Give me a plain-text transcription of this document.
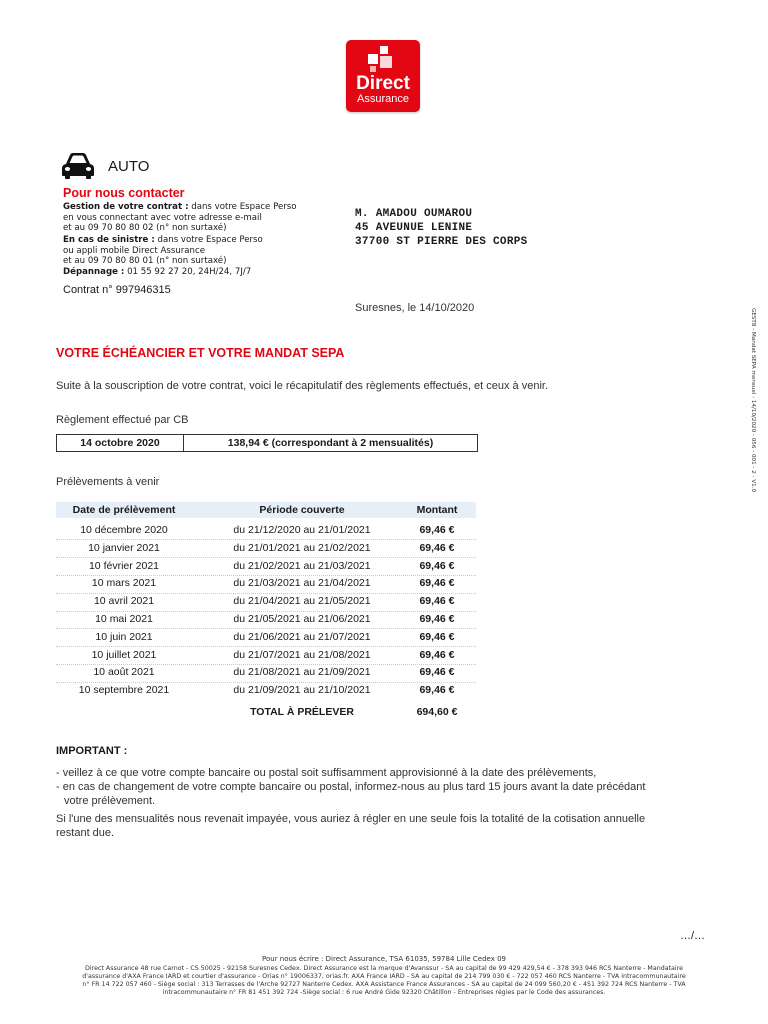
Direct
Assurance
AUTO
Pour nous contacter
Gestion de votre contrat : dans votre Espace Perso
en vous connectant avec votre adresse e-mail
et au 09 70 80 80 02 (n° non surtaxé)
En cas de sinistre : dans votre Espace Perso
ou appli mobile Direct Assurance
et au 09 70 80 80 01 (n° non surtaxé)
Dépannage : 01 55 92 27 20, 24H/24, 7J/7
Contrat n° 997946315
M. AMADOU OUMAROU
45 AVEUNUE LENINE
37700 ST PIERRE DES CORPS
Suresnes, le 14/10/2020	GEST8 - Mandat SEPA mensuel - 14/10/2020 - 056 - 001 - 2 - V1.0
VOTRE ÉCHÉANCIER ET VOTRE MANDAT SEPA
Suite à la souscription de votre contrat, voici le récapitulatif des règlements effectués, et ceux à venir.
Règlement effectué par CB
14 octobre 2020	138,94 € (correspondant à 2 mensualités)
Prélèvements à venir
Date de prélèvement	Période couverte	Montant
10 décembre 2020	du 21/12/2020 au 21/01/2021	69,46 €
10 janvier 2021	du 21/01/2021 au 21/02/2021	69,46 €
10 février 2021	du 21/02/2021 au 21/03/2021	69,46 €
10 mars 2021	du 21/03/2021 au 21/04/2021	69,46 €
10 avril 2021	du 21/04/2021 au 21/05/2021	69,46 €
10 mai 2021	du 21/05/2021 au 21/06/2021	69,46 €
10 juin 2021	du 21/06/2021 au 21/07/2021	69,46 €
10 juillet 2021	du 21/07/2021 au 21/08/2021	69,46 €
10 août 2021	du 21/08/2021 au 21/09/2021	69,46 €
10 septembre 2021	du 21/09/2021 au 21/10/2021	69,46 €
TOTAL À PRÉLEVER	694,60 €
IMPORTANT :
- veillez à ce que votre compte bancaire ou postal soit suffisamment approvisionné à la date des prélèvements,
- en cas de changement de votre compte bancaire ou postal, informez-nous au plus tard 15 jours avant la date précédant
votre prélèvement.
Si l'une des mensualités nous revenait impayée, vous auriez à régler en une seule fois la totalité de la cotisation annuelle
restant due.
…/…
Pour nous écrire : Direct Assurance, TSA 61035, 59784 Lille Cedex 09
Direct Assurance 48 rue Carnot - CS 50025 - 92158 Suresnes Cedex. Direct Assurance est la marque d'Avanssur - SA au capital de 99 429 429,54 € - 378 393 946 RCS Nanterre - Mandataire
d'assurance d'AXA France IARD et courtier d'assurance - Orias n° 19006337, orias.fr. AXA France IARD - SA au capital de 214 799 030 € - 722 057 460 RCS Nanterre - TVA intracommunautaire
n° FR 14 722 057 460 - Siège social : 313 Terrasses de l'Arche 92727 Nanterre Cedex. AXA Assistance France Assurances - SA au capital de 24 099 560,20 € - 451 392 724 RCS Nanterre - TVA
intracommunautaire n° FR 81 451 392 724 -Siège social : 6 rue André Gide 92320 Châtillon - Entreprises régies par le Code des assurances.
